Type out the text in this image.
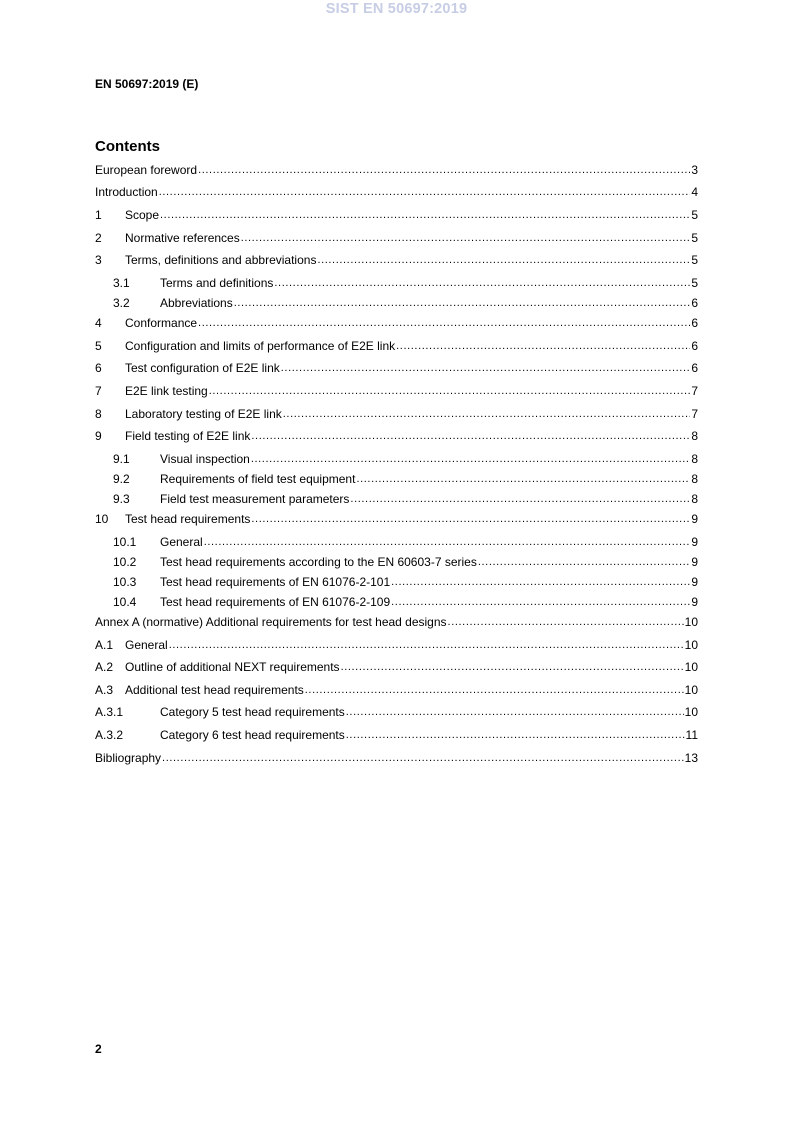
SIST EN 50697:2019
EN 50697:2019 (E)
Contents
European foreword .....	3
Introduction .....	4
1	Scope .....	5
2	Normative references .....	5
3	Terms, definitions and abbreviations .....	5
3.1	Terms and definitions .....	5
3.2	Abbreviations .....	6
4	Conformance .....	6
5	Configuration and limits of performance of E2E link .....	6
6	Test configuration of E2E link .....	6
7	E2E link testing .....	7
8	Laboratory testing of E2E link .....	7
9	Field testing of E2E link .....	8
9.1	Visual inspection .....	8
9.2	Requirements of field test equipment .....	8
9.3	Field test measurement parameters .....	8
10	Test head requirements .....	9
10.1	General .....	9
10.2	Test head requirements according to the EN 60603-7 series .....	9
10.3	Test head requirements of EN 61076-2-101 .....	9
10.4	Test head requirements of EN 61076-2-109 .....	9
Annex A (normative) Additional requirements for test head designs .....	10
A.1 General .....	10
A.2 Outline of additional NEXT requirements .....	10
A.3 Additional test head requirements .....	10
A.3.1	Category 5 test head requirements .....	10
A.3.2	Category 6 test head requirements .....	11
Bibliography .....	13
2
